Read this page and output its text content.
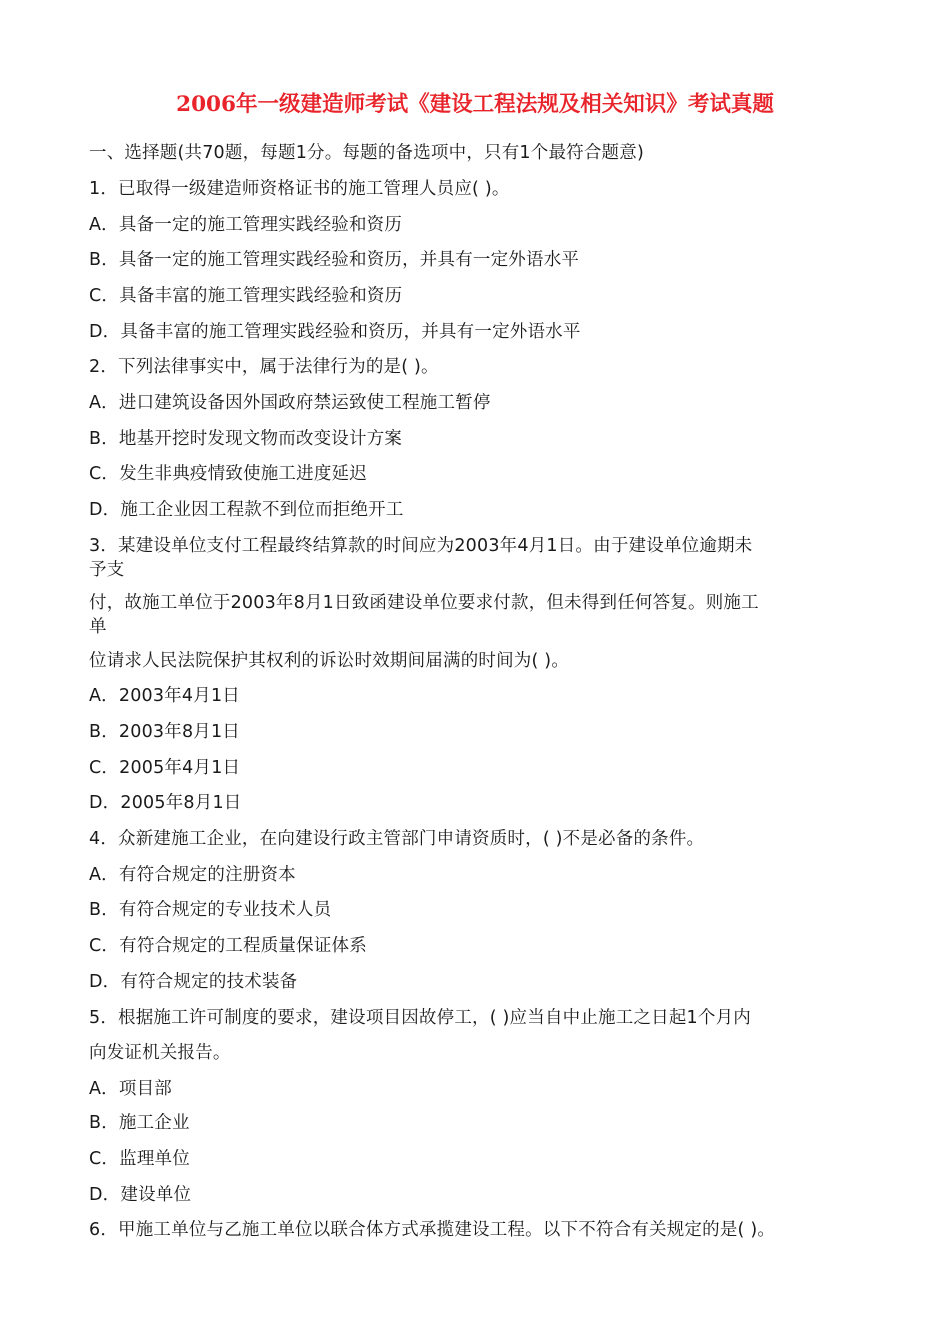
2006年一级建造师考试《建设工程法规及相关知识》考试真题
一、选择题(共70题，每题1分。每题的备选项中，只有1个最符合题意)
1．已取得一级建造师资格证书的施工管理人员应( )。
A．具备一定的施工管理实践经验和资历
B．具备一定的施工管理实践经验和资历，并具有一定外语水平
C．具备丰富的施工管理实践经验和资历
D．具备丰富的施工管理实践经验和资历，并具有一定外语水平
2．下列法律事实中，属于法律行为的是( )。
A．进口建筑设备因外国政府禁运致使工程施工暂停
B．地基开挖时发现文物而改变设计方案
C．发生非典疫情致使施工进度延迟
D．施工企业因工程款不到位而拒绝开工
3．某建设单位支付工程最终结算款的时间应为2003年4月1日。由于建设单位逾期未
予支
付，故施工单位于2003年8月1日致函建设单位要求付款，但未得到任何答复。则施工
单
位请求人民法院保护其权利的诉讼时效期间届满的时间为( )。
A．2003年4月1日
B．2003年8月1日
C．2005年4月1日
D．2005年8月1日
4．众新建施工企业，在向建设行政主管部门申请资质时，( )不是必备的条件。
A．有符合规定的注册资本
B．有符合规定的专业技术人员
C．有符合规定的工程质量保证体系
D．有符合规定的技术装备
5．根据施工许可制度的要求，建设项目因故停工，( )应当自中止施工之日起1个月内
向发证机关报告。
A．项目部
B．施工企业
C．监理单位
D．建设单位
6．甲施工单位与乙施工单位以联合体方式承揽建设工程。以下不符合有关规定的是( )。
